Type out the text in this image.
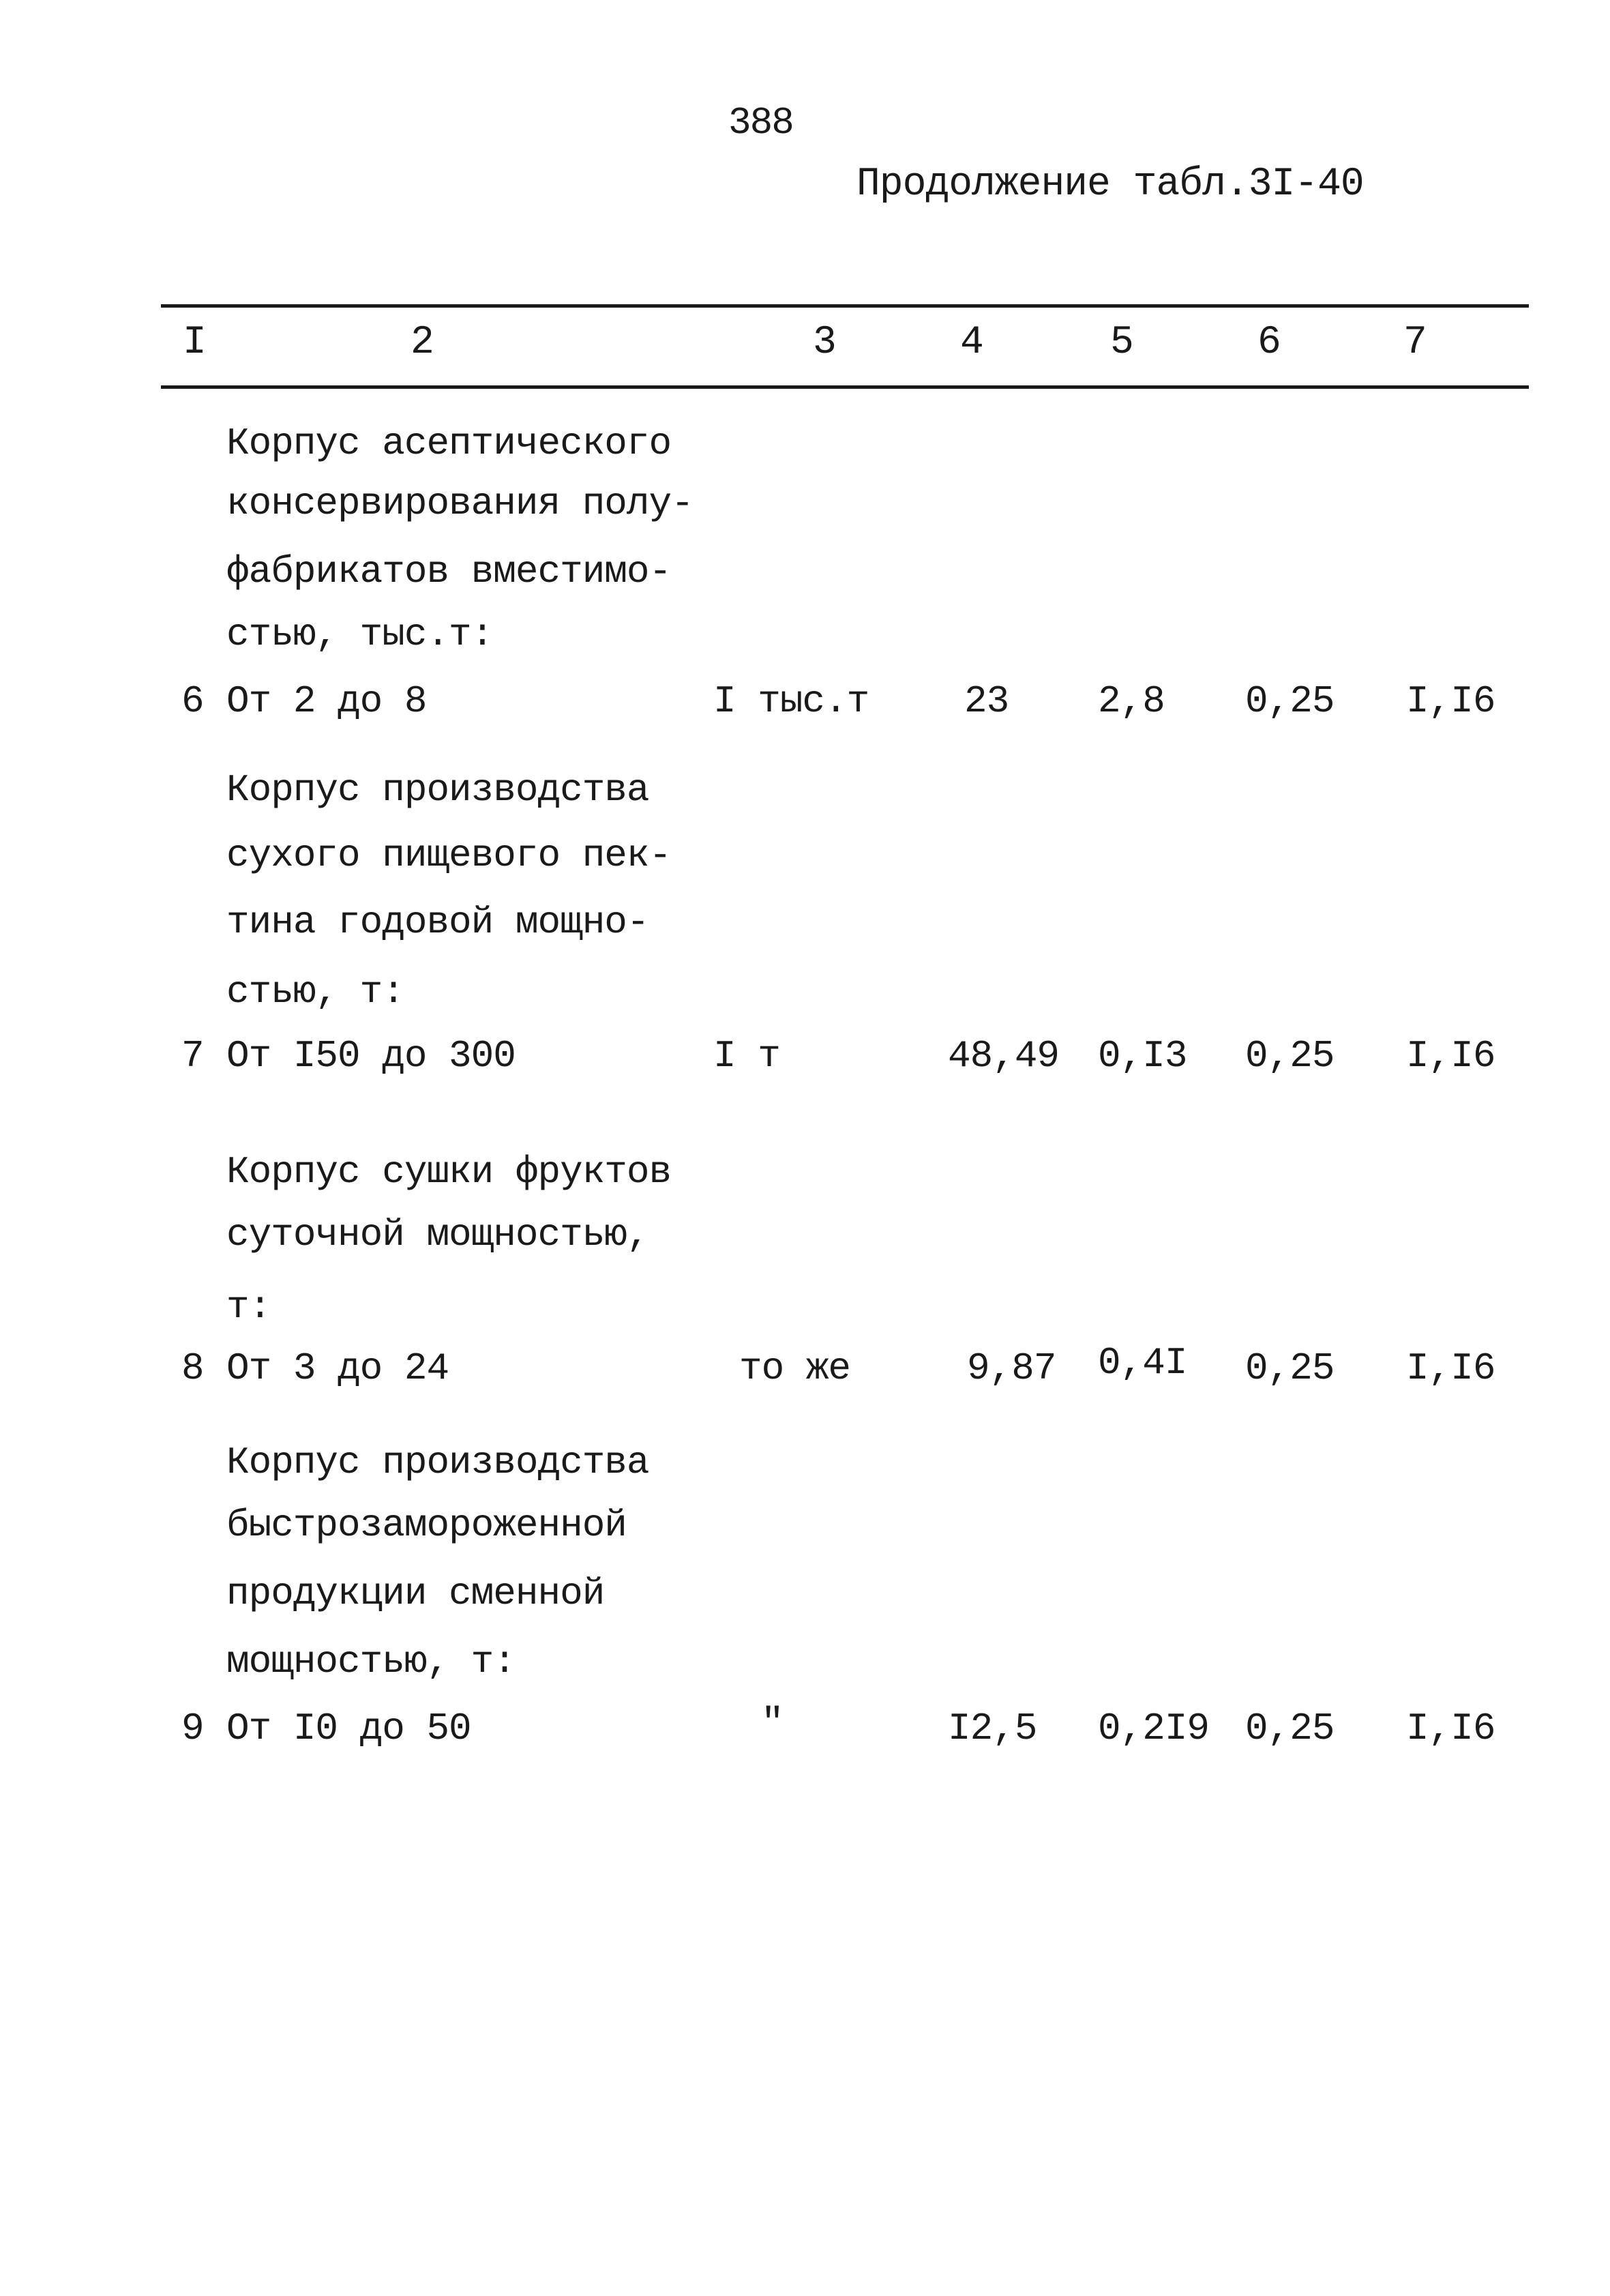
388
Продолжение табл.3I-40
I	2	3	4	5	6	7
Корпус асептического
консервирования полу-
фабрикатов вместимо-
стью, тыс.т:
6 От 2 до 8	I тыс.т 23 2,8 0,25 I,I6
Корпус производства
сухого пищевого пек-
тина годовой мощно-
стью, т:
7 От I50 до 300	I т	48,49 0,I3 0,25 I,I6
Корпус сушки фруктов
суточной мощностью,
т:
8 От 3 до 24	то же	9,87 0,4I 0,25 I,I6
Корпус производства
быстрозамороженной
продукции сменной
мощностью, т:
9 От I0 до 50	"	I2,5 0,2I9 0,25 I,I6
